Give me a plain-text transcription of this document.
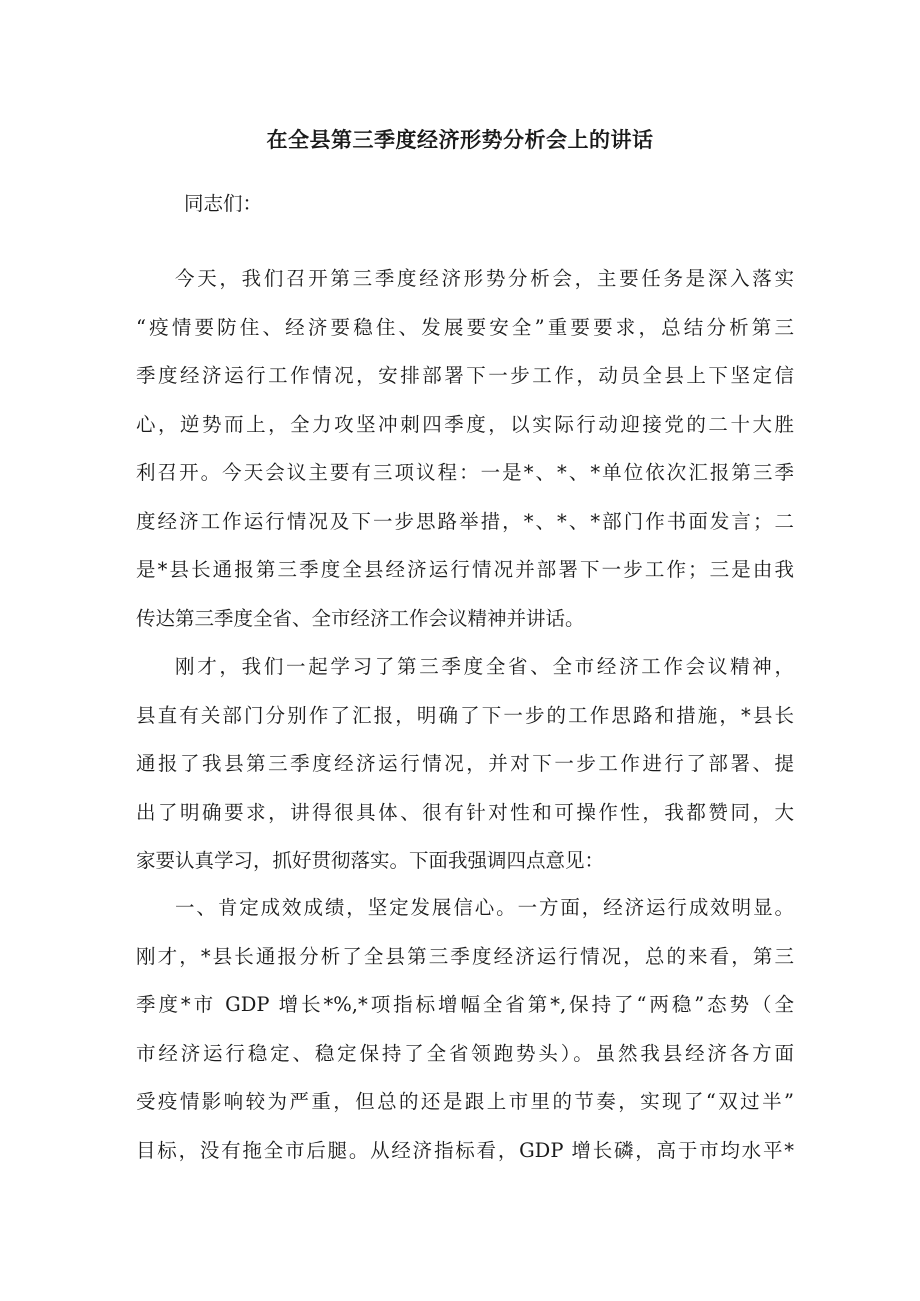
在全县第三季度经济形势分析会上的讲话
同志们：
今天，我们召开第三季度经济形势分析会，主要任务是深入落实
“疫情要防住、经济要稳住、发展要安全”重要要求，总结分析第三
季度经济运行工作情况，安排部署下一步工作，动员全县上下坚定信
心，逆势而上，全力攻坚冲刺四季度，以实际行动迎接党的二十大胜
利召开。今天会议主要有三项议程：一是*、*、*单位依次汇报第三季
度经济工作运行情况及下一步思路举措，*、*、*部门作书面发言；二
是*县长通报第三季度全县经济运行情况并部署下一步工作；三是由我
传达第三季度全省、全市经济工作会议精神并讲话。
刚才，我们一起学习了第三季度全省、全市经济工作会议精神，
县直有关部门分别作了汇报，明确了下一步的工作思路和措施，*县长
通报了我县第三季度经济运行情况，并对下一步工作进行了部署、提
出了明确要求，讲得很具体、很有针对性和可操作性，我都赞同，大
家要认真学习，抓好贯彻落实。下面我强调四点意见：
一、肯定成效成绩，坚定发展信心。一方面，经济运行成效明显。
刚才，*县长通报分析了全县第三季度经济运行情况，总的来看，第三
季度*市 GDP 增长*%,*项指标增幅全省第*,保持了“两稳”态势（全
市经济运行稳定、稳定保持了全省领跑势头）。虽然我县经济各方面
受疫情影响较为严重，但总的还是跟上市里的节奏，实现了“双过半”
目标，没有拖全市后腿。从经济指标看，GDP 增长磷，高于市均水平*
